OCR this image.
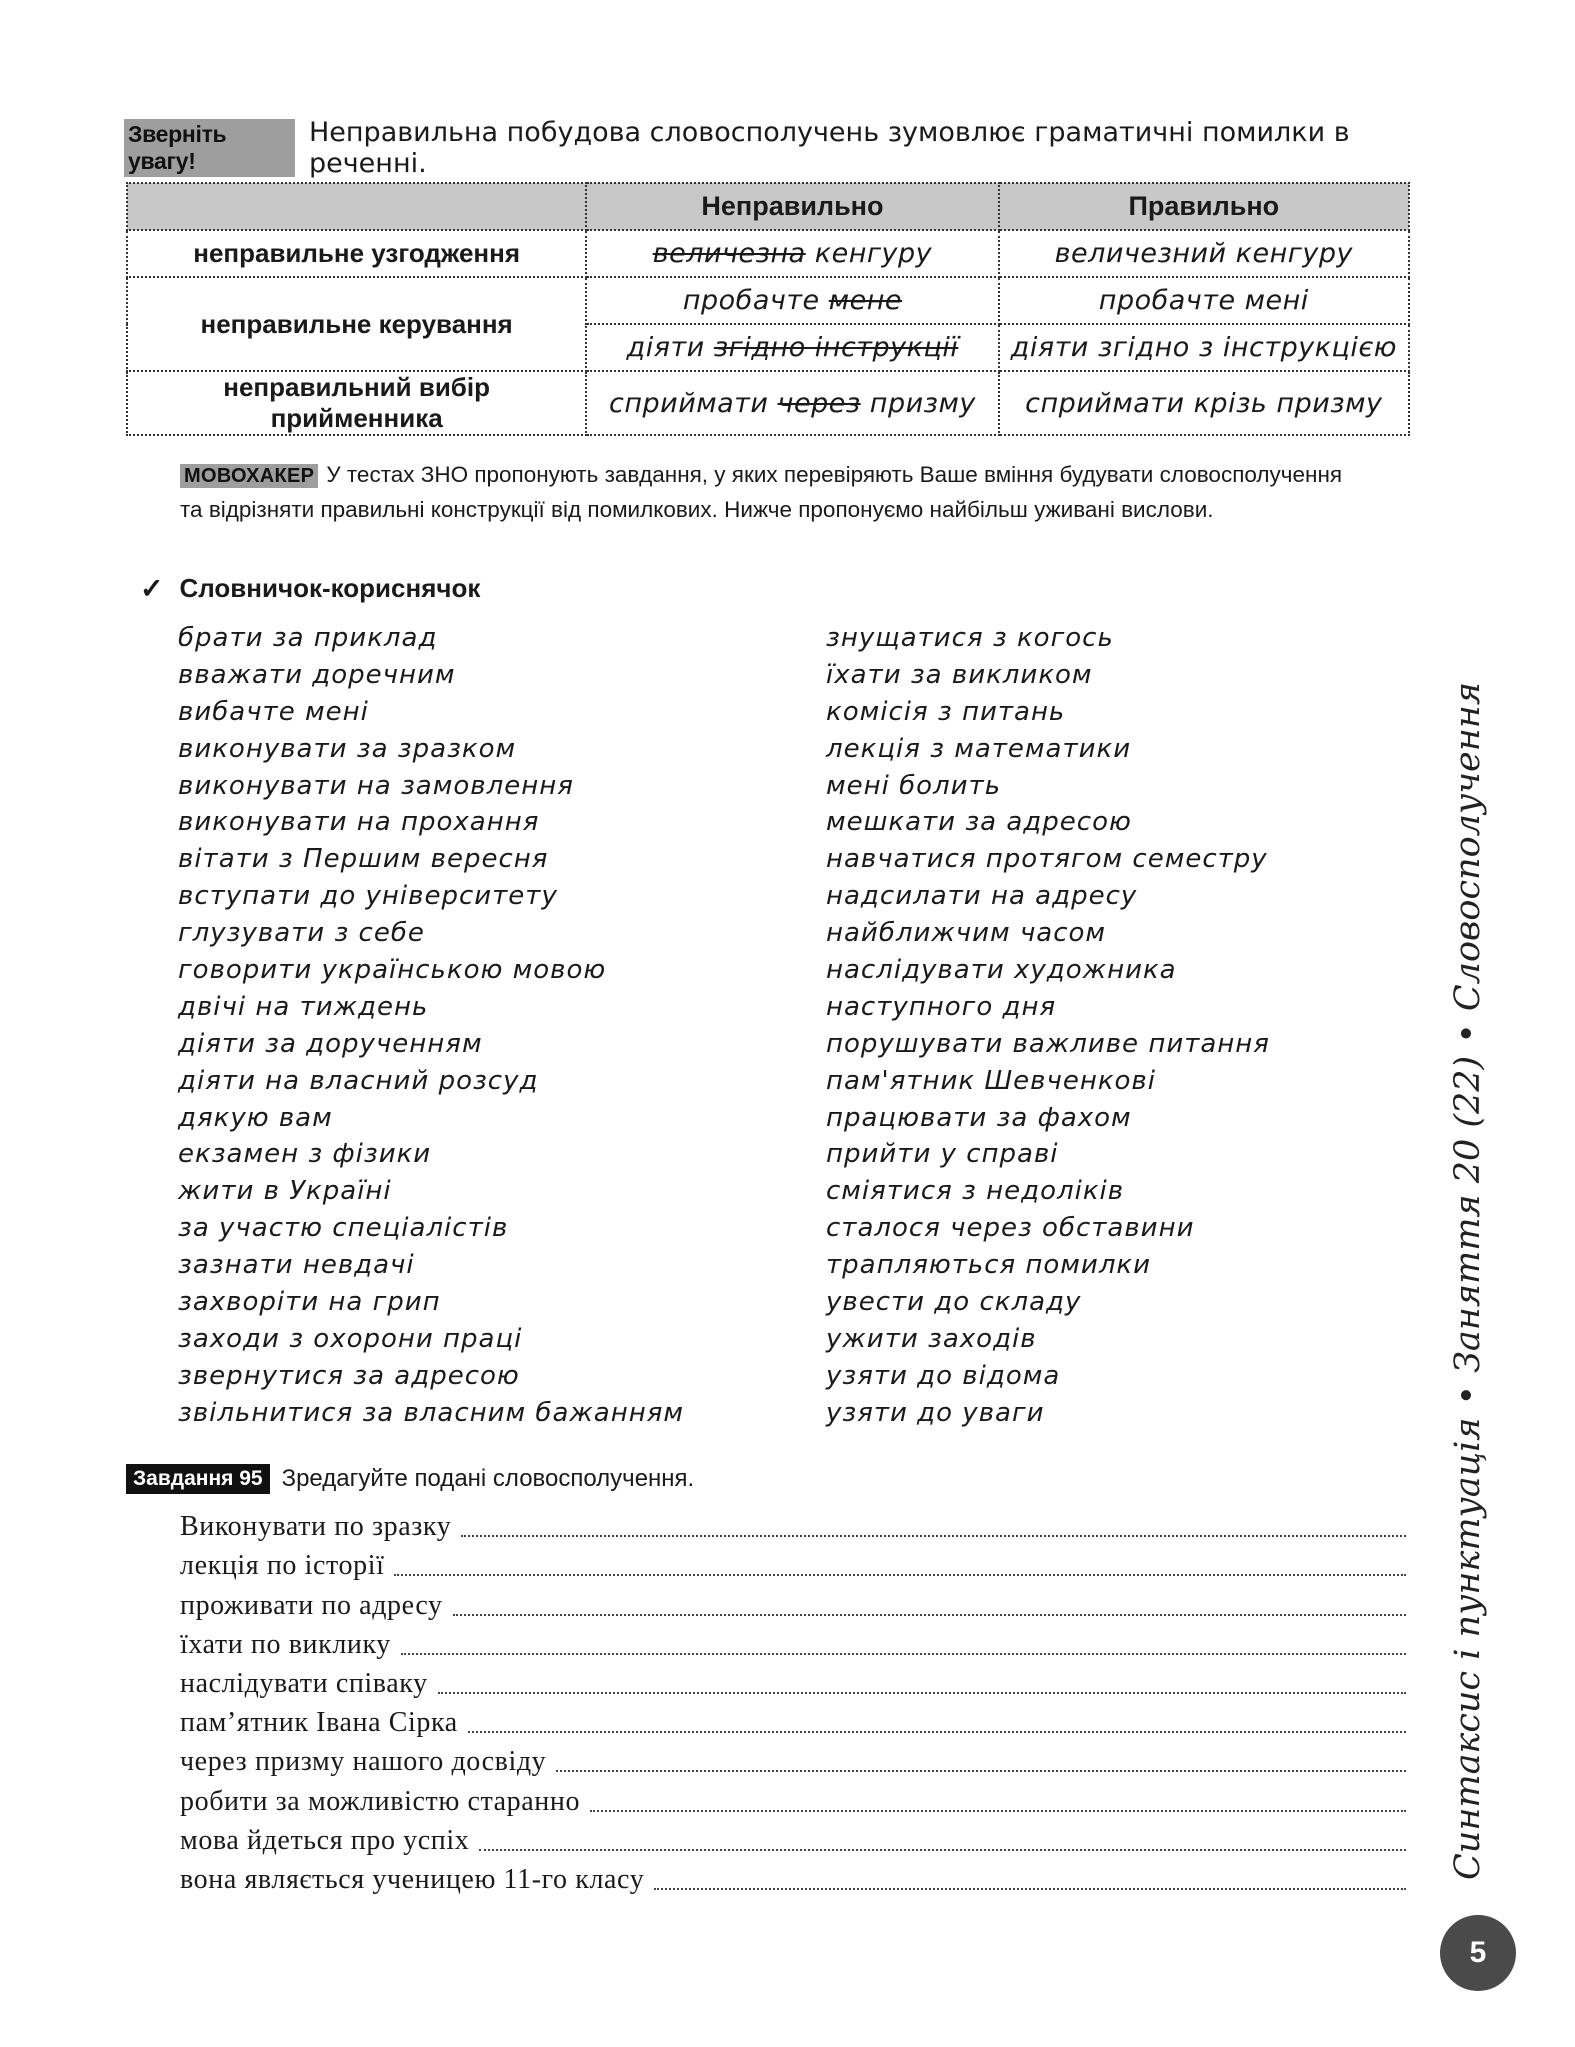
Зверніть увагу!
Неправильна побудова словосполучень зумовлює граматичні помилки в реченні.
	Неправильно	Правильно
неправильне узгодження	величезна кенгуру	величезний кенгуру
неправильне керування	пробачте мене	пробачте мені
	діяти згідно інструкції	діяти згідно з інструкцією
неправильний вибір прийменника	сприймати через призму	сприймати крізь призму
МОВОХАКЕР У тестах ЗНО пропонують завдання, у яких перевіряють Ваше вміння будувати словосполучення та відрізняти правильні конструкції від помилкових. Нижче пропонуємо найбільш уживані вислови.
✓ Словничок-кориснячок
брати за приклад
вважати доречним
вибачте мені
виконувати за зразком
виконувати на замовлення
виконувати на прохання
вітати з Першим вересня
вступати до університету
глузувати з себе
говорити українською мовою
двічі на тиждень
діяти за дорученням
діяти на власний розсуд
дякую вам
екзамен з фізики
жити в Україні
за участю спеціалістів
зазнати невдачі
захворіти на грип
заходи з охорони праці
звернутися за адресою
звільнитися за власним бажанням
знущатися з когось
їхати за викликом
комісія з питань
лекція з математики
мені болить
мешкати за адресою
навчатися протягом семестру
надсилати на адресу
найближчим часом
наслідувати художника
наступного дня
порушувати важливе питання
пам'ятник Шевченкові
працювати за фахом
прийти у справі
сміятися з недоліків
сталося через обставини
трапляються помилки
увести до складу
ужити заходів
узяти до відома
узяти до уваги
Завдання 95 Зредагуйте подані словосполучення.
Виконувати по зразку
лекція по історії
проживати по адресу
їхати по виклику
наслідувати співаку
пам’ятник Івана Сірка
через призму нашого досвіду
робити за можливістю старанно
мова йдеться про успіх
вона являється ученицею 11-го класу	Синтаксис і пунктуація•Заняття 20 (22)•Словосполучення
5
